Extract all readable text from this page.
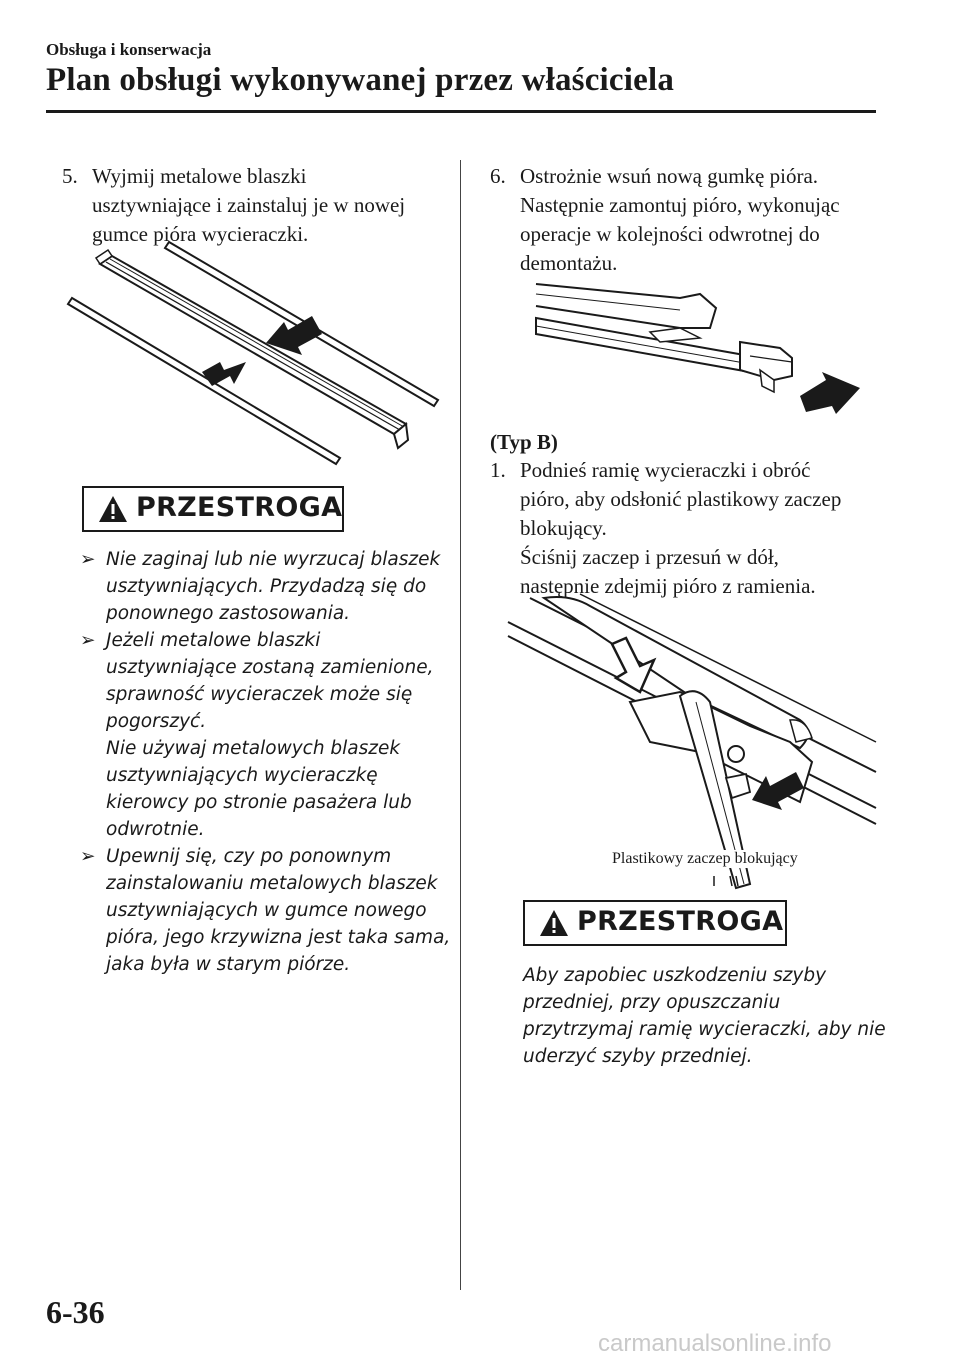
Obsługa i konserwacja
Plan obsługi wykonywanej przez właściciela
5. Wyjmij metalowe blaszki
usztywniające i zainstaluj je w nowej
gumce pióra wycieraczki.
PRZESTROGA
➢ Nie zaginaj lub nie wyrzucaj blaszek
usztywniających. Przydadzą się do
ponownego zastosowania.
➢ Jeżeli metalowe blaszki
usztywniające zostaną zamienione,
sprawność wycieraczek może się
pogorszyć.
Nie używaj metalowych blaszek
usztywniających wycieraczkę
kierowcy po stronie pasażera lub
odwrotnie.
➢ Upewnij się, czy po ponownym
zainstalowaniu metalowych blaszek
usztywniających w gumce nowego
pióra, jego krzywizna jest taka sama,
jaka była w starym piórze.
6. Ostrożnie wsuń nową gumkę pióra.
Następnie zamontuj pióro, wykonując
operacje w kolejności odwrotnej do
demontażu.
(Typ B)
1. Podnieś ramię wycieraczki i obróć
pióro, aby odsłonić plastikowy zaczep
blokujący.
Ściśnij zaczep i przesuń w dół,
następnie zdejmij pióro z ramienia.
Plastikowy zaczep blokujący
PRZESTROGA
Aby zapobiec uszkodzeniu szyby
przedniej, przy opuszczaniu
przytrzymaj ramię wycieraczki, aby nie
uderzyć szyby przedniej.
6-36
carmanualsonline.info
